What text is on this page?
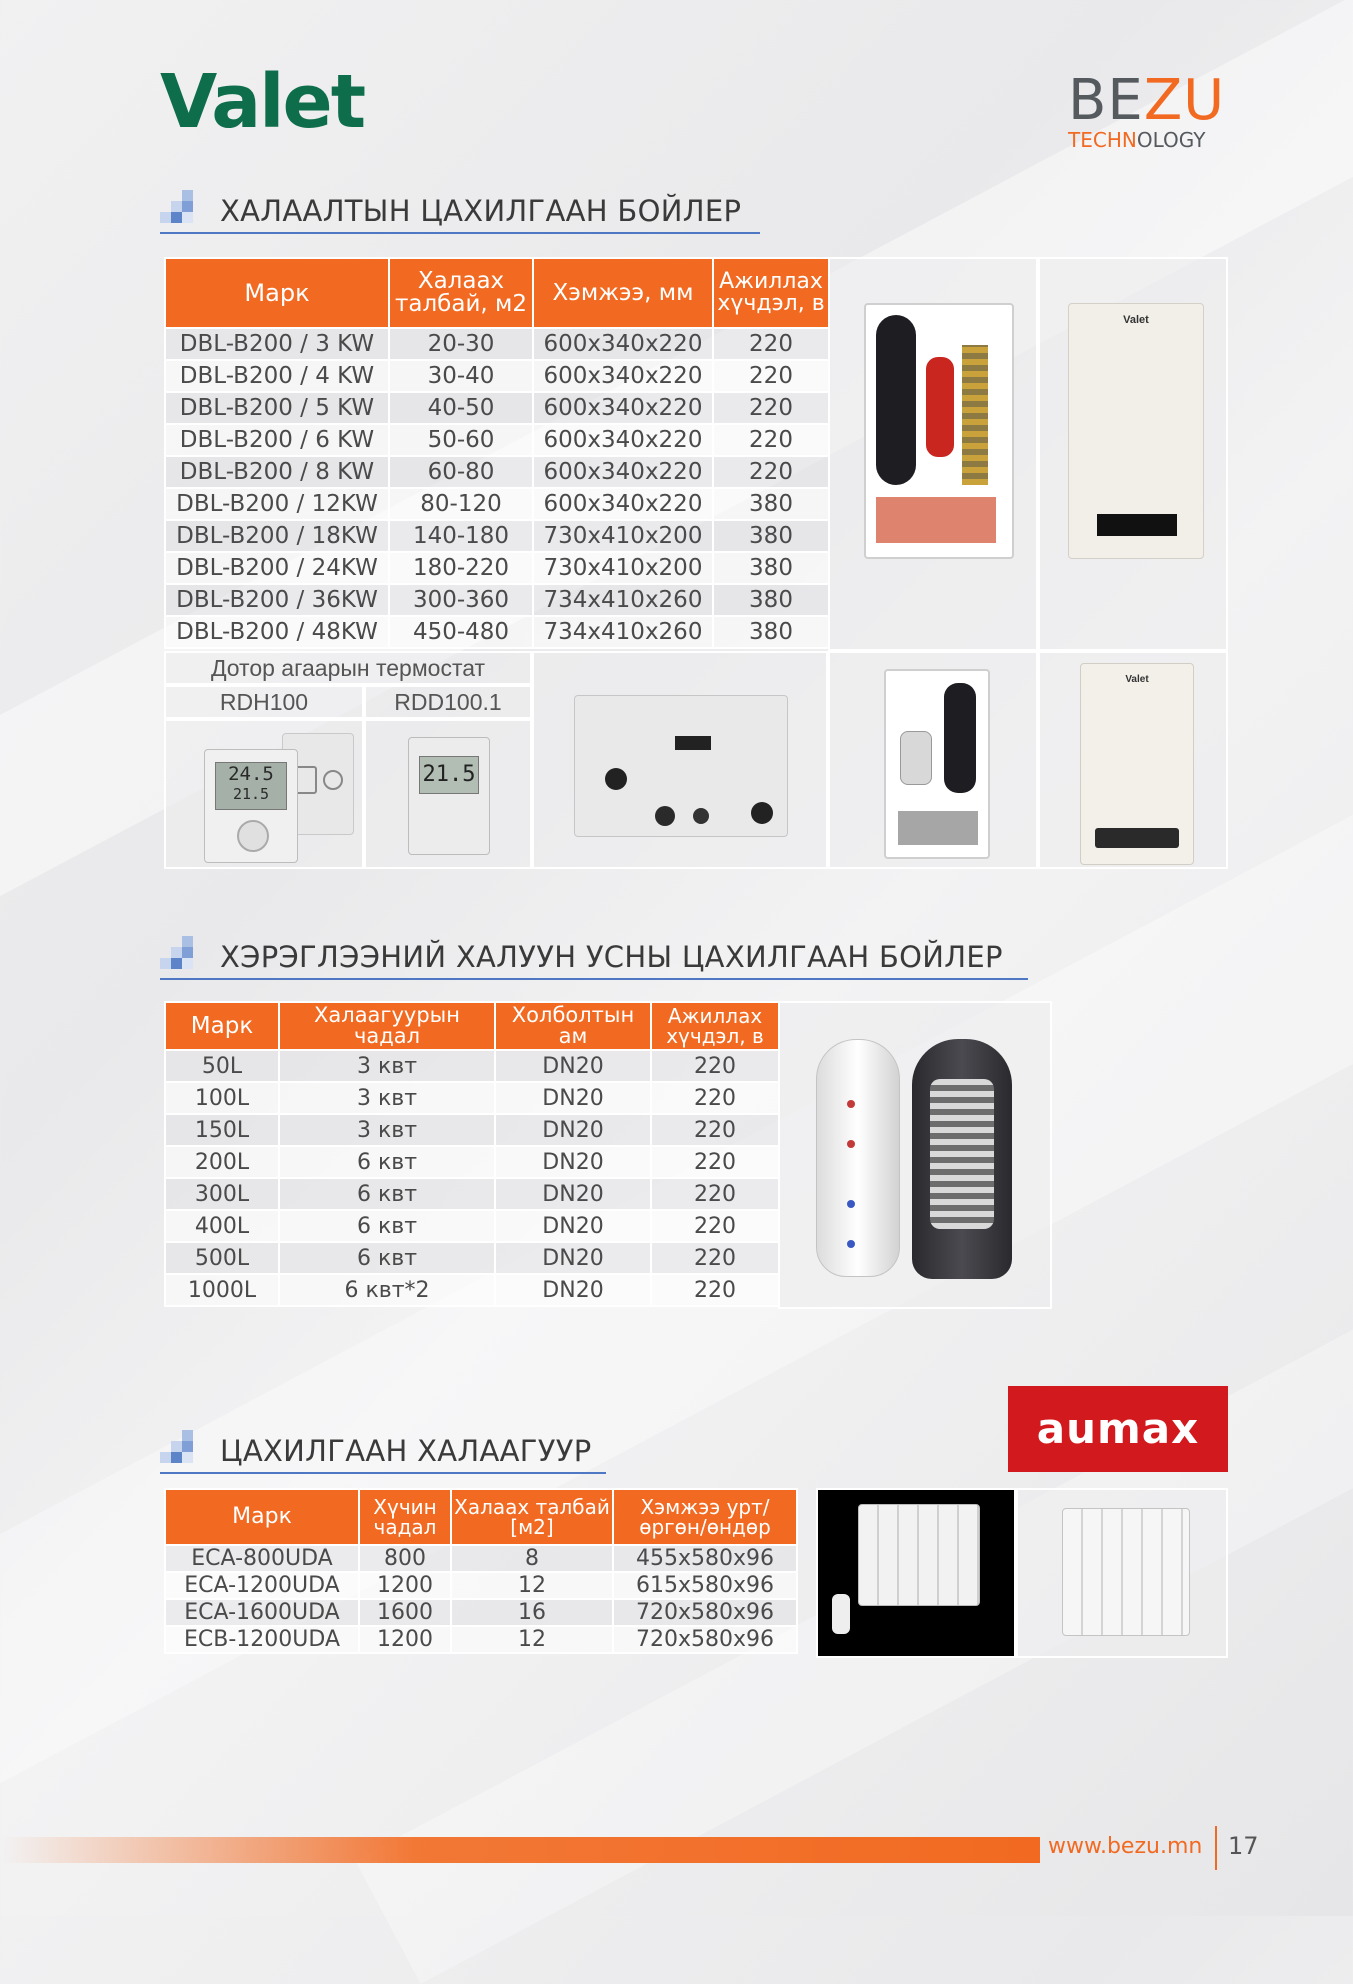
Valet	BEZU
TECHNOLOGY
ХАЛААЛТЫН ЦАХИЛГААН БОЙЛЕР
Марк	Халаах талбай, м2	Хэмжээ, мм	Ажиллах хүчдэл, в
DBL-B200 / 3 KW	20-30	600x340x220	220
DBL-B200 / 4 KW	30-40	600x340x220	220
DBL-B200 / 5 KW	40-50	600x340x220	220
DBL-B200 / 6 KW	50-60	600x340x220	220
DBL-B200 / 8 KW	60-80	600x340x220	220
DBL-B200 / 12KW	80-120	600x340x220	380
DBL-B200 / 18KW	140-180	730x410x200	380
DBL-B200 / 24KW	180-220	730x410x200	380
DBL-B200 / 36KW	300-360	734x410x260	380
DBL-B200 / 48KW	450-480	734x410x260	380
Дотор агаарын термостат
RDH100	RDD100.1
24.5
21.5
21.5
Valet
Valet
ХЭРЭГЛЭЭНИЙ ХАЛУУН УСНЫ ЦАХИЛГААН БОЙЛЕР
Марк	Халаагуурын чадал	Холболтын ам	Ажиллах хүчдэл, в
50L	3 квт	DN20	220
100L	3 квт	DN20	220
150L	3 квт	DN20	220
200L	6 квт	DN20	220
300L	6 квт	DN20	220
400L	6 квт	DN20	220
500L	6 квт	DN20	220
1000L	6 квт*2	DN20	220
aumax
ЦАХИЛГААН ХАЛААГУУР
Марк	Хүчин чадал	Халаах талбай [м2]	Хэмжээ урт/ өргөн/өндөр
ECA-800UDA	800	8	455x580x96
ECA-1200UDA	1200	12	615x580x96
ECA-1600UDA	1600	16	720x580x96
ECB-1200UDA	1200	12	720x580x96
www.bezu.mn 17
